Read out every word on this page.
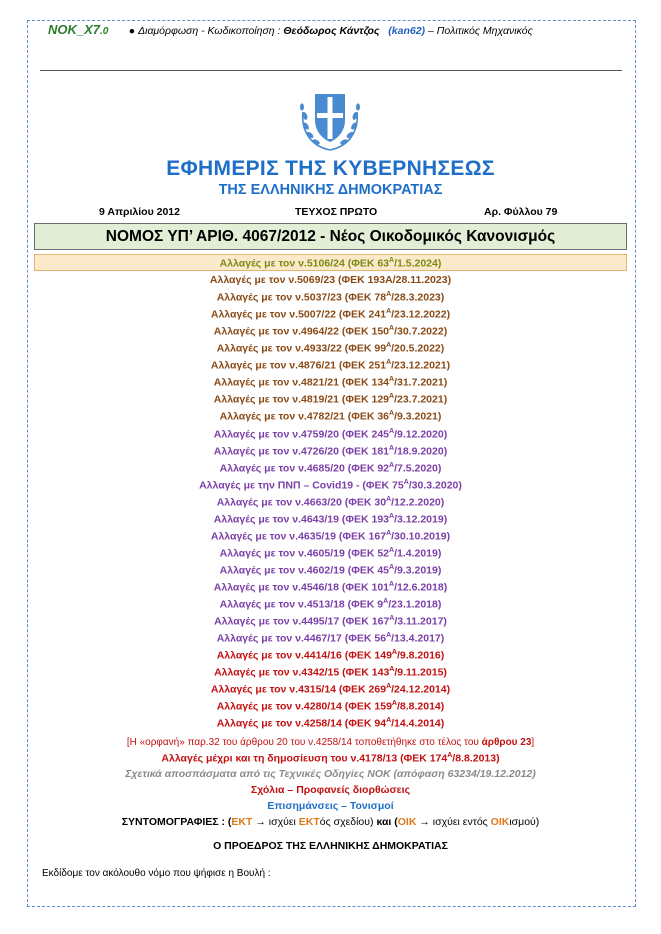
NOK_X7.0 ● Διαμόρφωση - Κωδικοποίηση : Θεόδωρος Κάντζος (kan62) – Πολιτικός Μηχανικός
ΕΦΗΜΕΡΙΣ ΤΗΣ ΚΥΒΕΡΝΗΣΕΩΣ
ΤΗΣ ΕΛΛΗΝΙΚΗΣ ΔΗΜΟΚΡΑΤΙΑΣ
9 Απριλίου 2012	ΤΕΥΧΟΣ ΠΡΩΤΟ	Αρ. Φύλλου 79
ΝΟΜΟΣ ΥΠ’ ΑΡΙΘ. 4067/2012 - Νέος Οικοδομικός Κανονισμός
Αλλαγές με τον ν.5106/24 (ΦΕΚ $63^A/1.5.2024$)
Αλλαγές με τον ν.5069/23 (ΦΕΚ 193Α/28.11.2023)
Αλλαγές με τον ν.5037/23 (ΦΕΚ $78^A/28.3.2023$)
Αλλαγές με τον ν.5007/22 (ΦΕΚ $241^A/23.12.2022$)
Αλλαγές με τον ν.4964/22 (ΦΕΚ $150^A/30.7.2022$)
Αλλαγές με τον ν.4933/22 (ΦΕΚ $99^A/20.5.2022$)
Αλλαγές με τον ν.4876/21 (ΦΕΚ $251^A/23.12.2021$)
Αλλαγές με τον ν.4821/21 (ΦΕΚ $134^A/31.7.2021$)
Αλλαγές με τον ν.4819/21 (ΦΕΚ $129^A/23.7.2021$)
Αλλαγές με τον ν.4782/21 (ΦΕΚ $36^A/9.3.2021$)
Αλλαγές με τον ν.4759/20 (ΦΕΚ $245^A/9.12.2020$)
Αλλαγές με τον ν.4726/20 (ΦΕΚ $181^A/18.9.2020$)
Αλλαγές με τον ν.4685/20 (ΦΕΚ $92^A/7.5.2020$)
Αλλαγές με την ΠΝΠ – Covid19 - (ΦΕΚ $75^A/30.3.2020$)
Αλλαγές με τον ν.4663/20 (ΦΕΚ $30^A/12.2.2020$)
Αλλαγές με τον ν.4643/19 (ΦΕΚ $193^A/3.12.2019$)
Αλλαγές με τον ν.4635/19 (ΦΕΚ $167^A/30.10.2019$)
Αλλαγές με τον ν.4605/19 (ΦΕΚ $52^A/1.4.2019$)
Αλλαγές με τον ν.4602/19 (ΦΕΚ $45^A/9.3.2019$)
Αλλαγές με τον ν.4546/18 (ΦΕΚ $101^A/12.6.2018$)
Αλλαγές με τον ν.4513/18 (ΦΕΚ $9^A/23.1.2018$)
Αλλαγές με τον ν.4495/17 (ΦΕΚ $167^A/3.11.2017$)
Αλλαγές με τον ν.4467/17 (ΦΕΚ $56^A/13.4.2017$)
Αλλαγές με τον ν.4414/16 (ΦΕΚ $149^A/9.8.2016$)
Αλλαγές με τον ν.4342/15 (ΦΕΚ $143^A/9.11.2015$)
Αλλαγές με τον ν.4315/14 (ΦΕΚ $269^A/24.12.2014$)
Αλλαγές με τον ν.4280/14 (ΦΕΚ $159^A/8.8.2014$)
Αλλαγές με τον ν.4258/14 (ΦΕΚ $94^A/14.4.2014$)
[Η «ορφανή» παρ.32 του άρθρου 20 του ν.4258/14 τοποθετήθηκε στο τέλος του άρθρου 23]
Αλλαγές μέχρι και τη δημοσίευση του ν.4178/13 (ΦΕΚ $174^A/8.8.2013$)
Σχετικά αποσπάσματα από τις Τεχνικές Οδηγίες ΝΟΚ (απόφαση 63234/19.12.2012)
Σχόλια – Προφανείς διορθώσεις
Επισημάνσεις – Τονισμοί
ΣΥΝΤΟΜΟΓΡΑΦΙΕΣ : (ΕΚΤ → ισχύει ΕΚΤός σχεδίου) και (ΟΙΚ → ισχύει εντός ΟΙΚισμού)
Ο ΠΡΟΕΔΡΟΣ ΤΗΣ ΕΛΛΗΝΙΚΗΣ ΔΗΜΟΚΡΑΤΙΑΣ
Εκδίδομε τον ακόλουθο νόμο που ψήφισε η Βουλή :
